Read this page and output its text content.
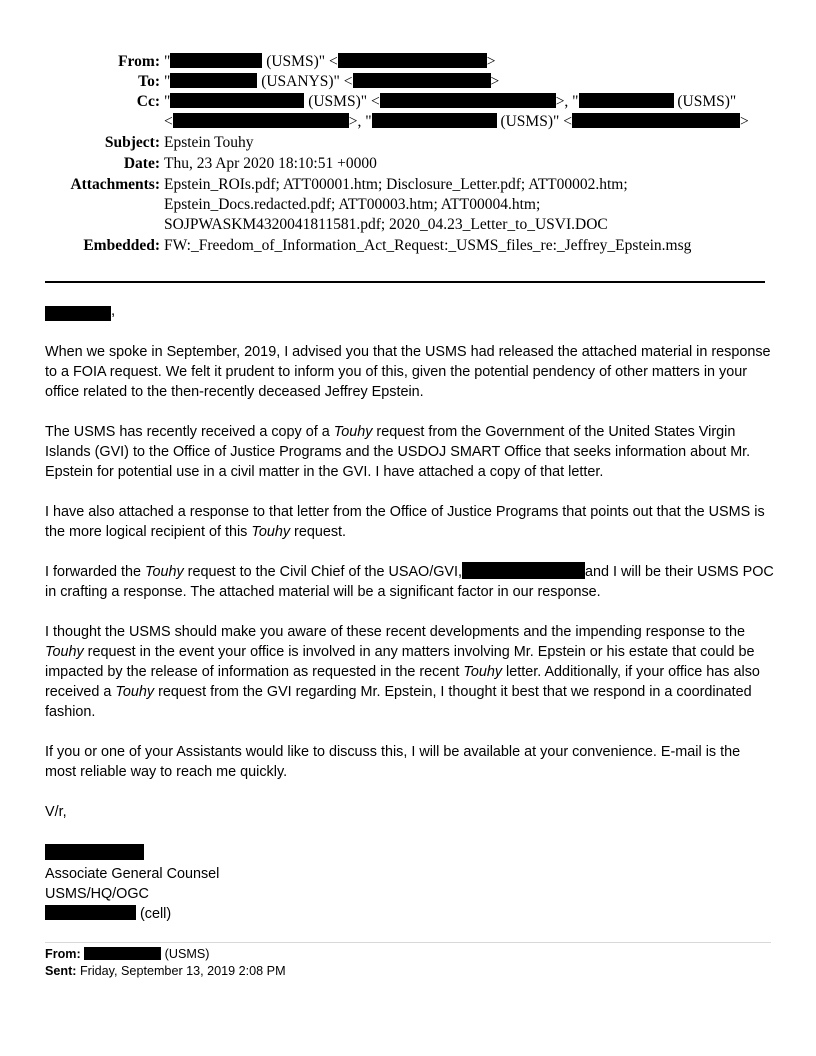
From: "	(USMS)" <	>
To: "	(USANYS)" <	>
Cc: "	(USMS)" <	>, "	(USMS)"
<	>, "	(USMS)" <	>
Subject: Epstein Touhy
Date: Thu, 23 Apr 2020 18:10:51 +0000
Attachments: Epstein_ROIs.pdf; ATT00001.htm; Disclosure_Letter.pdf; ATT00002.htm;
Epstein_Docs.redacted.pdf; ATT00003.htm; ATT00004.htm;
SOJPWASKM4320041811581.pdf; 2020_04.23_Letter_to_USVI.DOC
Embedded: FW:_Freedom_of_Information_Act_Request:_USMS_files_re:_Jeffrey_Epstein.msg
,

When we spoke in September, 2019, I advised you that the USMS had released the attached material in response to a FOIA request. We felt it prudent to inform you of this, given the potential pendency of other matters in your office related to the then-recently deceased Jeffrey Epstein.

The USMS has recently received a copy of a Touhy request from the Government of the United States Virgin Islands (GVI) to the Office of Justice Programs and the USDOJ SMART Office that seeks information about Mr. Epstein for potential use in a civil matter in the GVI. I have attached a copy of that letter.

I have also attached a response to that letter from the Office of Justice Programs that points out that the USMS is the more logical recipient of this Touhy request.

I forwarded the Touhy request to the Civil Chief of the USAO/GVI,	and I will be their USMS POC in crafting a response. The attached material will be a significant factor in our response.

I thought the USMS should make you aware of these recent developments and the impending response to the Touhy request in the event your office is involved in any matters involving Mr. Epstein or his estate that could be impacted by the release of information as requested in the recent Touhy letter. Additionally, if your office has also received a Touhy request from the GVI regarding Mr. Epstein, I thought it best that we respond in a coordinated fashion.

If you or one of your Assistants would like to discuss this, I will be available at your convenience. E-mail is the most reliable way to reach me quickly.

V/r,

Associate General Counsel
USMS/HQ/OGC
(cell)
From:	(USMS)
Sent: Friday, September 13, 2019 2:08 PM
